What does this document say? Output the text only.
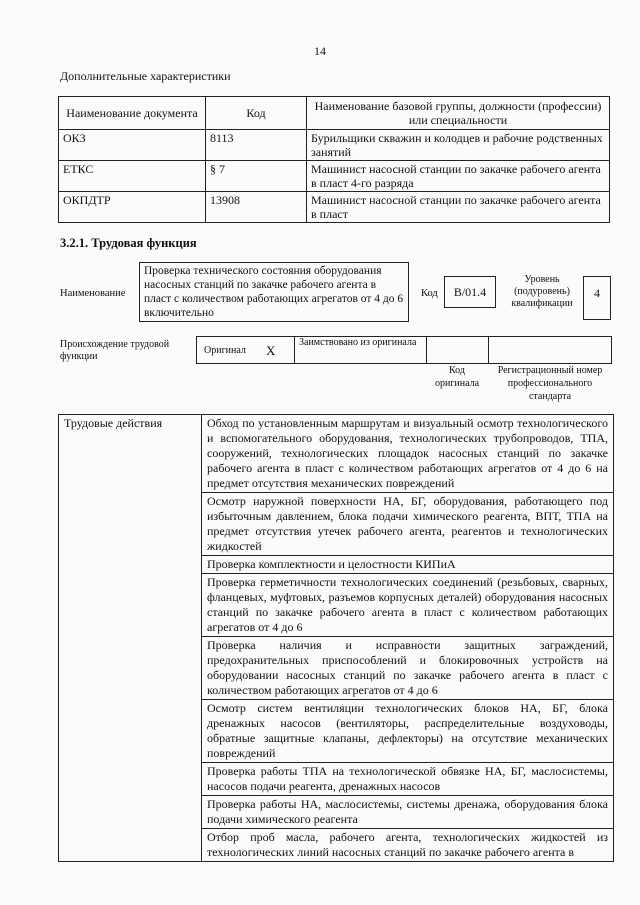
14
Дополнительные характеристики
Наименование документа	Код	Наименование базовой группы, должности (профессии) или специальности
ОКЗ	8113	Бурильщики скважин и колодцев и рабочие родственных занятий
ЕТКС	§ 7	Машинист насосной станции по закачке рабочего агента в пласт 4-го разряда
ОКПДТР	13908	Машинист насосной станции по закачке рабочего агента в пласт
3.2.1. Трудовая функция
Наименование
Проверка технического состояния оборудования насосных станций по закачке рабочего агента в пласт с количеством работающих агрегатов от 4 до 6 включительно
Код	В/01.4
Уровень (подуровень) квалификации
4
Происхождение трудовой функции
Оригинал X
Заимствовано из оригинала
Код оригинала
Регистрационный номер профессионального стандарта
Трудовые действия	Обход по установленным маршрутам и визуальный осмотр технологического и вспомогательного оборудования, технологических трубопроводов, ТПА, сооружений, технологических площадок насосных станций по закачке рабочего агента в пласт с количеством работающих агрегатов от 4 до 6 на предмет отсутствия механических повреждений
Осмотр наружной поверхности НА, БГ, оборудования, работающего под избыточным давлением, блока подачи химического реагента, ВПТ, ТПА на предмет отсутствия утечек рабочего агента, реагентов и технологических жидкостей
Проверка комплектности и целостности КИПиА
Проверка герметичности технологических соединений (резьбовых, сварных, фланцевых, муфтовых, разъемов корпусных деталей) оборудования насосных станций по закачке рабочего агента в пласт с количеством работающих агрегатов от 4 до 6
Проверка наличия и исправности защитных заграждений, предохранительных приспособлений и блокировочных устройств на оборудовании насосных станций по закачке рабочего агента в пласт с количеством работающих агрегатов от 4 до 6
Осмотр систем вентиляции технологических блоков НА, БГ, блока дренажных насосов (вентиляторы, распределительные воздуховоды, обратные защитные клапаны, дефлекторы) на отсутствие механических повреждений
Проверка работы ТПА на технологической обвязке НА, БГ, маслосистемы, насосов подачи реагента, дренажных насосов
Проверка работы НА, маслосистемы, системы дренажа, оборудования блока подачи химического реагента
Отбор проб масла, рабочего агента, технологических жидкостей из технологических линий насосных станций по закачке рабочего агента в
